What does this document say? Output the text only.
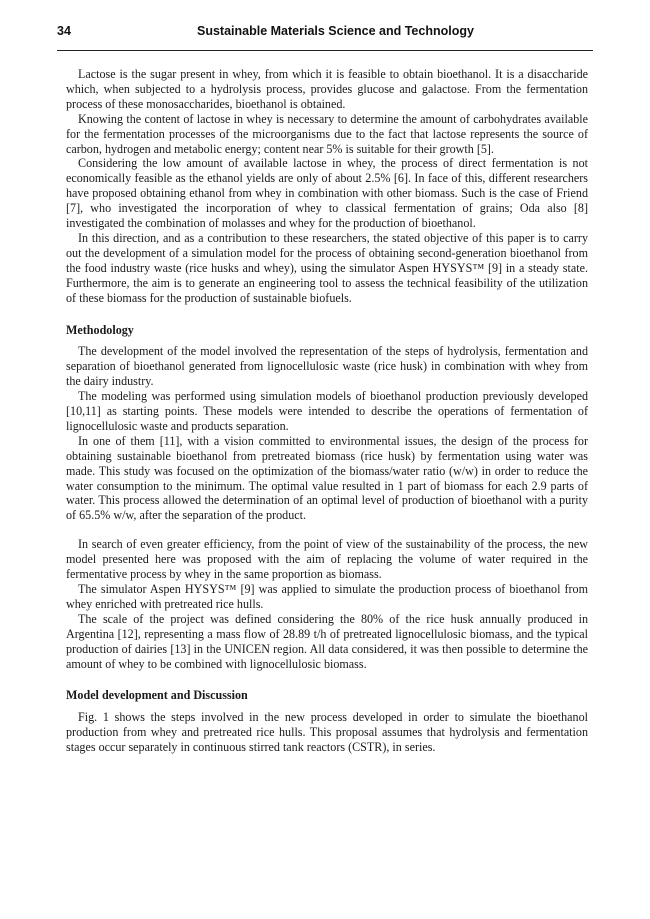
34	Sustainable Materials Science and Technology

Lactose is the sugar present in whey, from which it is feasible to obtain bioethanol. It is a disaccharide which, when subjected to a hydrolysis process, provides glucose and galactose. From the fermentation process of these monosaccharides, bioethanol is obtained.

Knowing the content of lactose in whey is necessary to determine the amount of carbohydrates available for the fermentation processes of the microorganisms due to the fact that lactose represents the source of carbon, hydrogen and metabolic energy; content near 5% is suitable for their growth [5].

Considering the low amount of available lactose in whey, the process of direct fermentation is not economically feasible as the ethanol yields are only of about 2.5% [6]. In face of this, different researchers have proposed obtaining ethanol from whey in combination with other biomass. Such is the case of Friend [7], who investigated the incorporation of whey to classical fermentation of grains; Oda also [8] investigated the combination of molasses and whey for the production of bioethanol.

In this direction, and as a contribution to these researchers, the stated objective of this paper is to carry out the development of a simulation model for the process of obtaining second-generation bioethanol from the food industry waste (rice husks and whey), using the simulator Aspen HYSYS™ [9] in a steady state. Furthermore, the aim is to generate an engineering tool to assess the technical feasibility of the utilization of these biomass for the production of sustainable biofuels.

Methodology

The development of the model involved the representation of the steps of hydrolysis, fermentation and separation of bioethanol generated from lignocellulosic waste (rice husk) in combination with whey from the dairy industry.

The modeling was performed using simulation models of bioethanol production previously developed [10,11] as starting points. These models were intended to describe the operations of fermentation of lignocellulosic waste and products separation.

In one of them [11], with a vision committed to environmental issues, the design of the process for obtaining sustainable bioethanol from pretreated biomass (rice husk) by fermentation using water was made. This study was focused on the optimization of the biomass/water ratio (w/w) in order to reduce the water consumption to the minimum. The optimal value resulted in 1 part of biomass for each 2.9 parts of water. This process allowed the determination of an optimal level of production of bioethanol with a purity of 65.5% w/w, after the separation of the product.

In search of even greater efficiency, from the point of view of the sustainability of the process, the new model presented here was proposed with the aim of replacing the volume of water required in the fermentative process by whey in the same proportion as biomass.

The simulator Aspen HYSYS™ [9] was applied to simulate the production process of bioethanol from whey enriched with pretreated rice hulls.

The scale of the project was defined considering the 80% of the rice husk annually produced in Argentina [12], representing a mass flow of 28.89 t/h of pretreated lignocellulosic biomass, and the typical production of dairies [13] in the UNICEN region. All data considered, it was then possible to determine the amount of whey to be combined with lignocellulosic biomass.

Model development and Discussion

Fig. 1 shows the steps involved in the new process developed in order to simulate the bioethanol production from whey and pretreated rice hulls. This proposal assumes that hydrolysis and fermentation stages occur separately in continuous stirred tank reactors (CSTR), in series.
